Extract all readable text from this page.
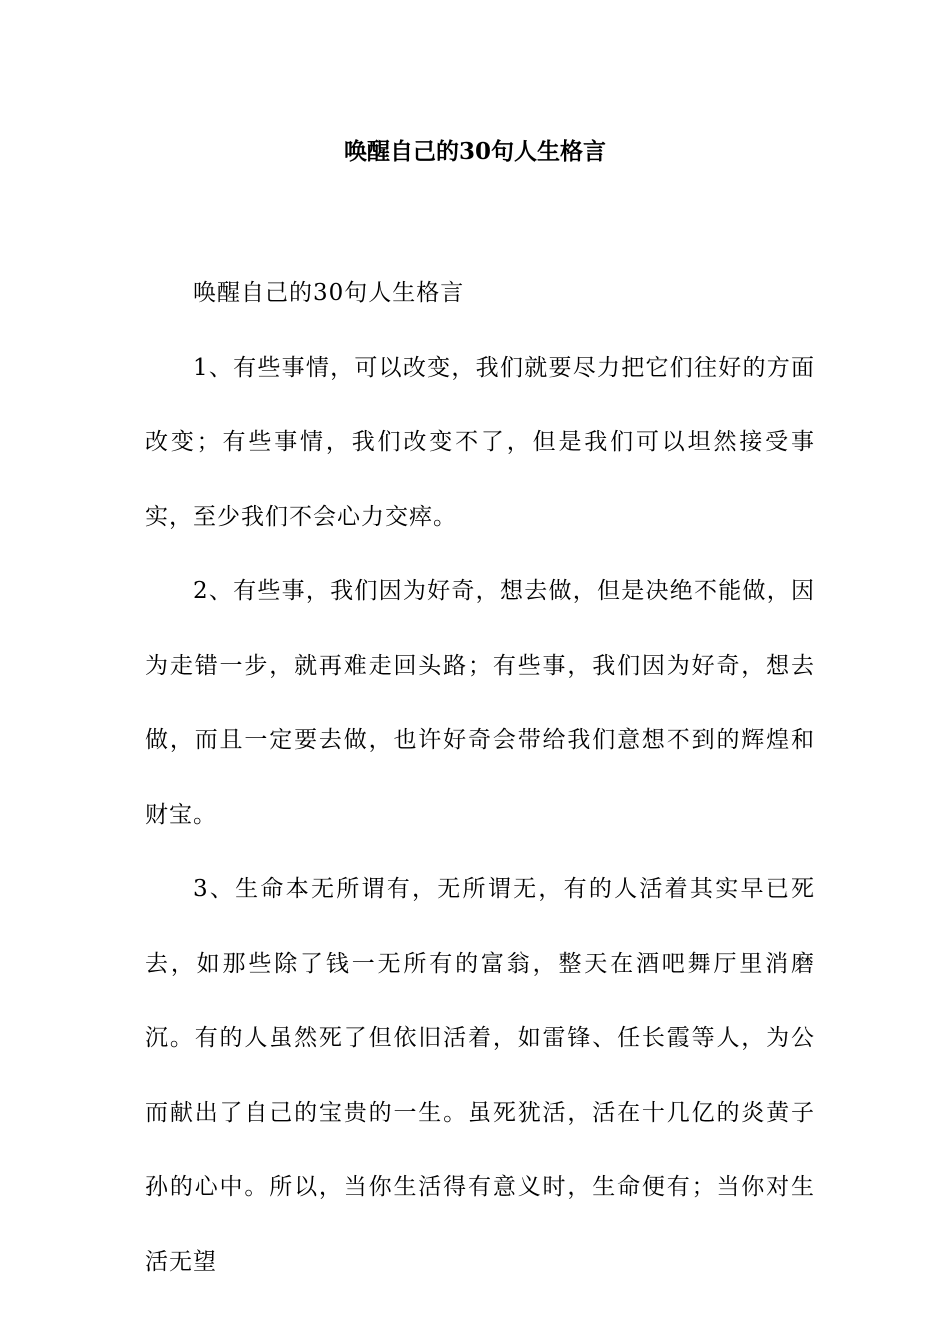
唤醒自己的30句人生格言

唤醒自己的30句人生格言

1、有些事情，可以改变，我们就要尽力把它们往好的方面改变；有些事情，我们改变不了，但是我们可以坦然接受事实，至少我们不会心力交瘁。

2、有些事，我们因为好奇，想去做，但是决绝不能做，因为走错一步，就再难走回头路；有些事，我们因为好奇，想去做，而且一定要去做，也许好奇会带给我们意想不到的辉煌和财宝。

3、生命本无所谓有，无所谓无，有的人活着其实早已死去，如那些除了钱一无所有的富翁，整天在酒吧舞厅里消磨沉。有的人虽然死了但依旧活着，如雷锋、任长霞等人，为公而献出了自己的宝贵的一生。虽死犹活，活在十几亿的炎黄子孙的心中。所以，当你生活得有意义时，生命便有；当你对生活无望
